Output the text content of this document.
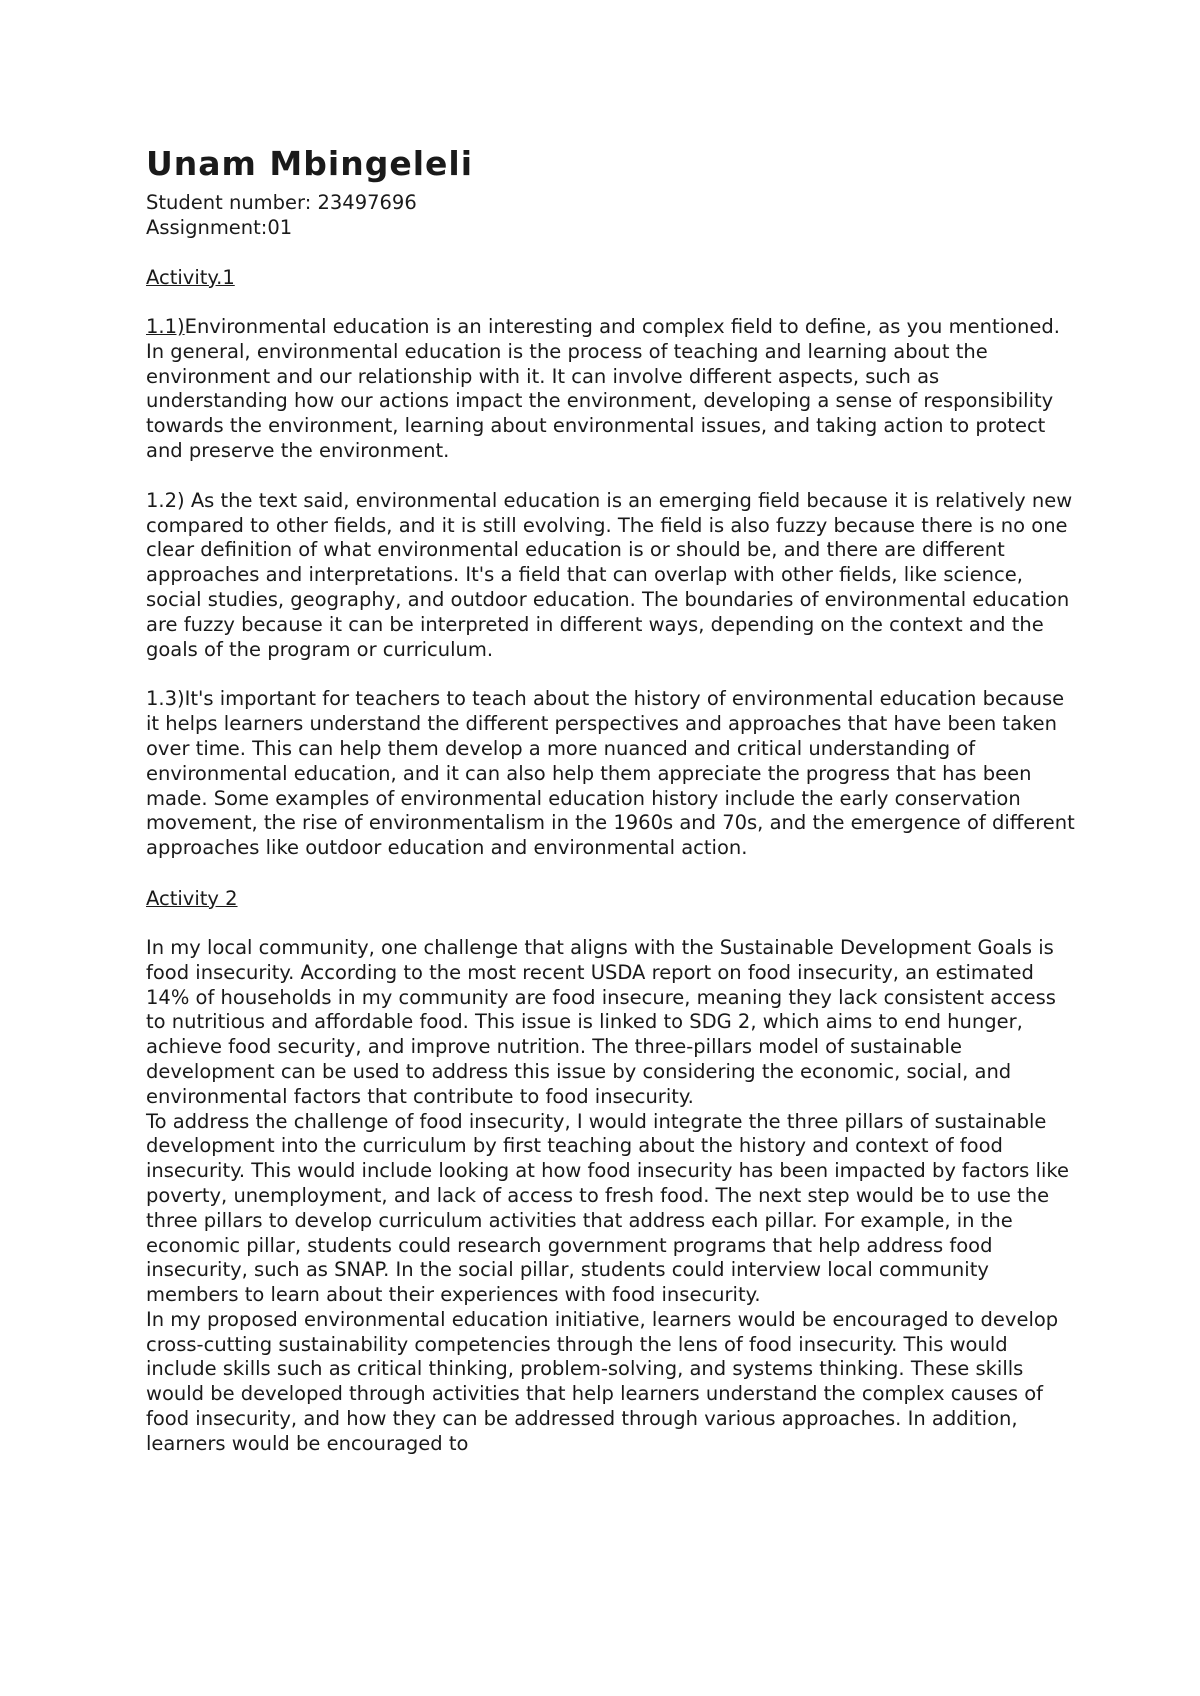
Unam Mbingeleli
Student number: 23497696
Assignment:01
Activity.1

1.1)Environmental education is an interesting and complex field to define, as you mentioned. In general, environmental education is the process of teaching and learning about the environment and our relationship with it. It can involve different aspects, such as understanding how our actions impact the environment, developing a sense of responsibility towards the environment, learning about environmental issues, and taking action to protect and preserve the environment.

1.2) As the text said, environmental education is an emerging field because it is relatively new compared to other fields, and it is still evolving. The field is also fuzzy because there is no one clear definition of what environmental education is or should be, and there are different approaches and interpretations. It's a field that can overlap with other fields, like science, social studies, geography, and outdoor education. The boundaries of environmental education are fuzzy because it can be interpreted in different ways, depending on the context and the goals of the program or curriculum.

1.3)It's important for teachers to teach about the history of environmental education because it helps learners understand the different perspectives and approaches that have been taken over time. This can help them develop a more nuanced and critical understanding of environmental education, and it can also help them appreciate the progress that has been made. Some examples of environmental education history include the early conservation movement, the rise of environmentalism in the 1960s and 70s, and the emergence of different approaches like outdoor education and environmental action.

Activity 2

In my local community, one challenge that aligns with the Sustainable Development Goals is food insecurity. According to the most recent USDA report on food insecurity, an estimated 14% of households in my community are food insecure, meaning they lack consistent access to nutritious and affordable food. This issue is linked to SDG 2, which aims to end hunger, achieve food security, and improve nutrition. The three-pillars model of sustainable development can be used to address this issue by considering the economic, social, and environmental factors that contribute to food insecurity.

To address the challenge of food insecurity, I would integrate the three pillars of sustainable development into the curriculum by first teaching about the history and context of food insecurity. This would include looking at how food insecurity has been impacted by factors like poverty, unemployment, and lack of access to fresh food. The next step would be to use the three pillars to develop curriculum activities that address each pillar. For example, in the economic pillar, students could research government programs that help address food insecurity, such as SNAP. In the social pillar, students could interview local community members to learn about their experiences with food insecurity.

In my proposed environmental education initiative, learners would be encouraged to develop cross-cutting sustainability competencies through the lens of food insecurity. This would include skills such as critical thinking, problem-solving, and systems thinking. These skills would be developed through activities that help learners understand the complex causes of food insecurity, and how they can be addressed through various approaches. In addition, learners would be encouraged to
